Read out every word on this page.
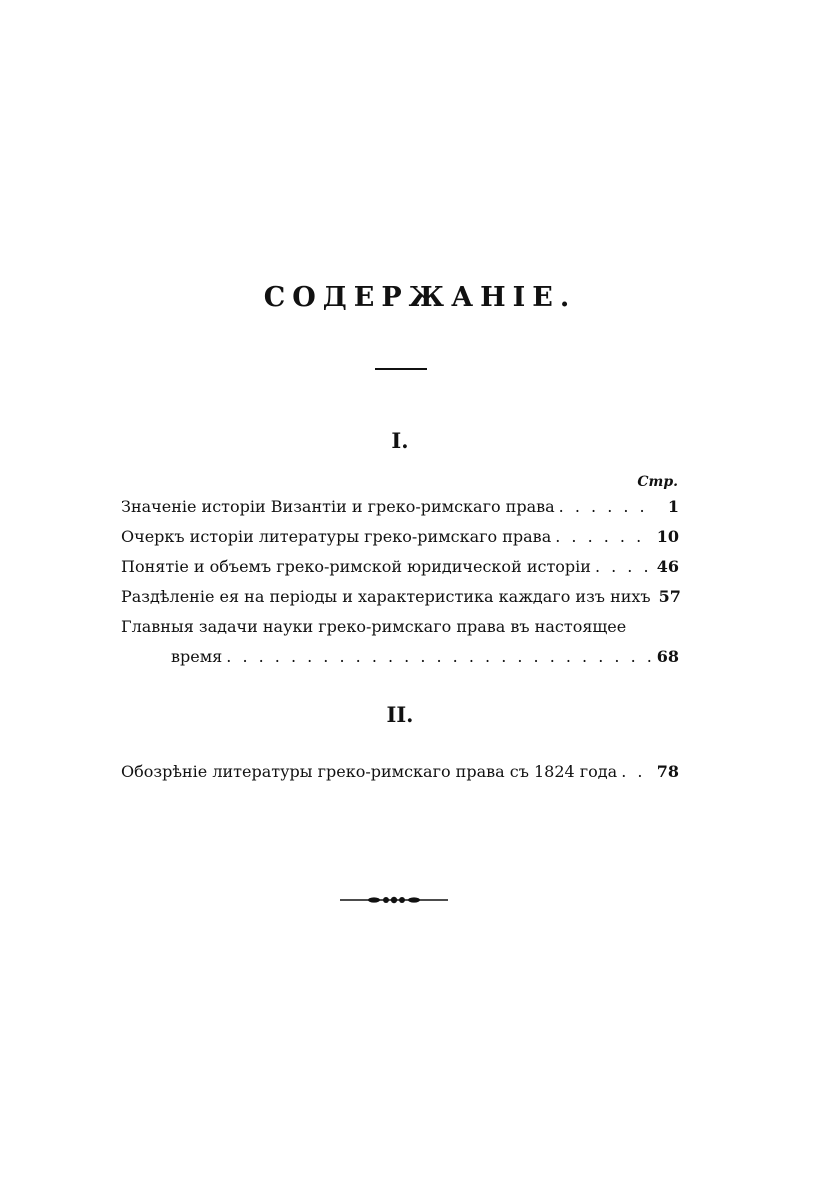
СОДЕРЖАНІЕ.
I.
Стр.
Значеніе исторіи Византіи и греко-римскаго права . . .	1
Очеркъ исторіи литературы греко-римскаго права . . .	10
Понятіе и объемъ греко-римской юридической исторіи . . .	46
Раздѣленіе ея на періоды и характеристика каждаго изъ нихъ 57
Главныя задачи науки греко-римскаго права въ настоящее
время . . .	68
II.
Обозрѣніе литературы греко-римскаго права съ 1824 года . . . 78
